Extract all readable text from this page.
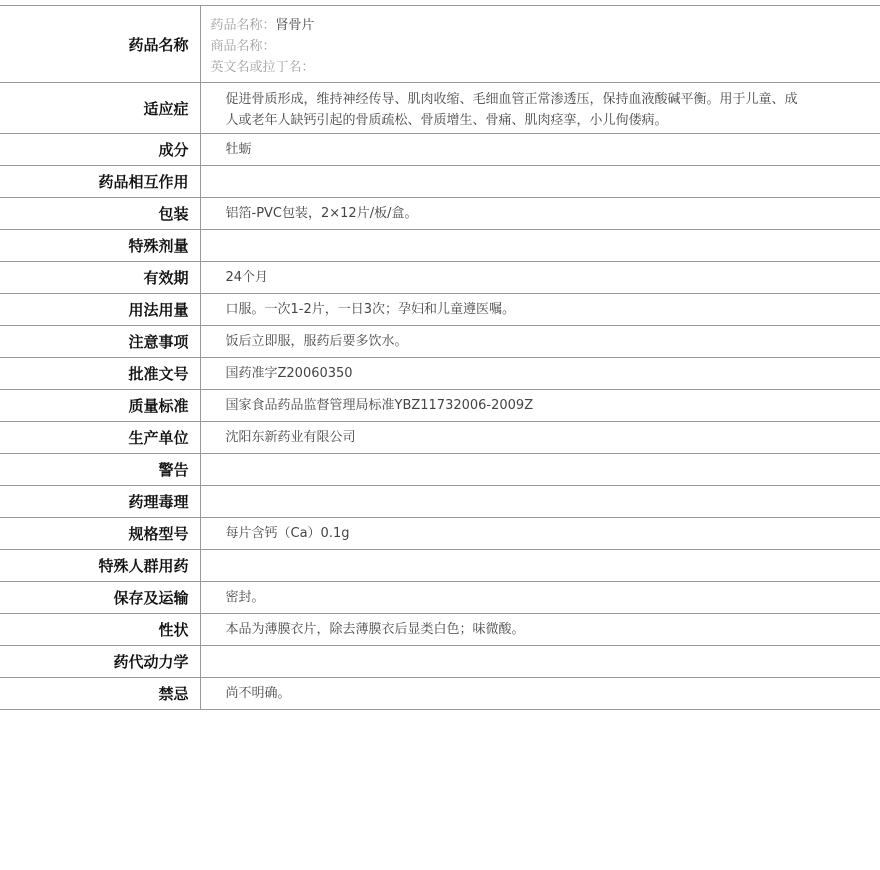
药品名称	药品名称：肾骨片
商品名称：
英文名或拉丁名：

适应症	促进骨质形成，维持神经传导、肌肉收缩、毛细血管正常渗透压，保持血液酸碱平衡。用于儿童、成人或老年人缺钙引起的骨质疏松、骨质增生、骨痛、肌肉痉挛，小儿佝偻病。
成分	牡蛎
药品相互作用	
包装	铝箔-PVC包装，2×12片/板/盒。
特殊剂量	
有效期	24个月
用法用量	口服。一次1-2片，一日3次；孕妇和儿童遵医嘱。
注意事项	饭后立即服，服药后要多饮水。
批准文号	国药准字Z20060350
质量标准	国家食品药品监督管理局标准YBZ11732006-2009Z
生产单位	沈阳东新药业有限公司
警告	
药理毒理	
规格型号	每片含钙（Ca）0.1g
特殊人群用药	
保存及运输	密封。
性状	本品为薄膜衣片，除去薄膜衣后显类白色；味微酸。
药代动力学	
禁忌	尚不明确。
